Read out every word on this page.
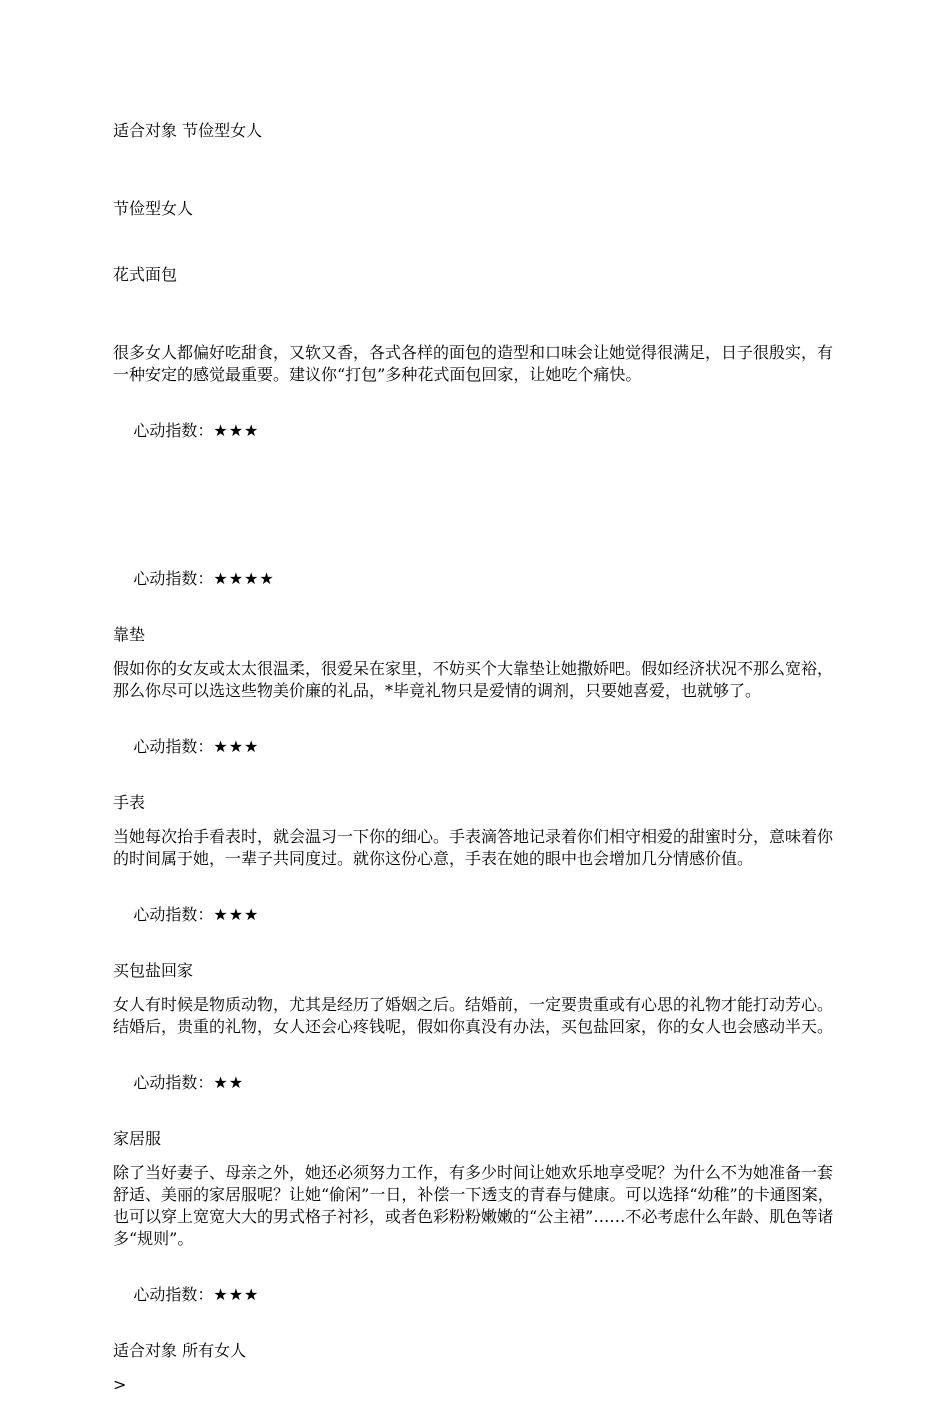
适合对象 节俭型女人

节俭型女人

花式面包

很多女人都偏好吃甜食，又软又香，各式各样的面包的造型和口味会让她觉得很满足，日子很殷实，有一种安定的感觉最重要。建议你“打包”多种花式面包回家，让她吃个痛快。

心动指数：★★★

心动指数：★★★★

靠垫
假如你的女友或太太很温柔，很爱呆在家里，不妨买个大靠垫让她撒娇吧。假如经济状况不那么宽裕，那么你尽可以选这些物美价廉的礼品，*毕竟礼物只是爱情的调剂，只要她喜爱，也就够了。

心动指数：★★★

手表
当她每次抬手看表时，就会温习一下你的细心。手表滴答地记录着你们相守相爱的甜蜜时分，意味着你的时间属于她，一辈子共同度过。就你这份心意，手表在她的眼中也会增加几分情感价值。

心动指数：★★★

买包盐回家
女人有时候是物质动物，尤其是经历了婚姻之后。结婚前，一定要贵重或有心思的礼物才能打动芳心。结婚后，贵重的礼物，女人还会心疼钱呢，假如你真没有办法，买包盐回家，你的女人也会感动半天。

心动指数：★★

家居服
除了当好妻子、母亲之外，她还必须努力工作，有多少时间让她欢乐地享受呢？为什么不为她准备一套舒适、美丽的家居服呢？让她“偷闲”一日，补偿一下透支的青春与健康。可以选择“幼稚”的卡通图案，也可以穿上宽宽大大的男式格子衬衫，或者色彩粉粉嫩嫩的“公主裙”……不必考虑什么年龄、肌色等诸多“规则”。

心动指数：★★★

适合对象 所有女人
>
